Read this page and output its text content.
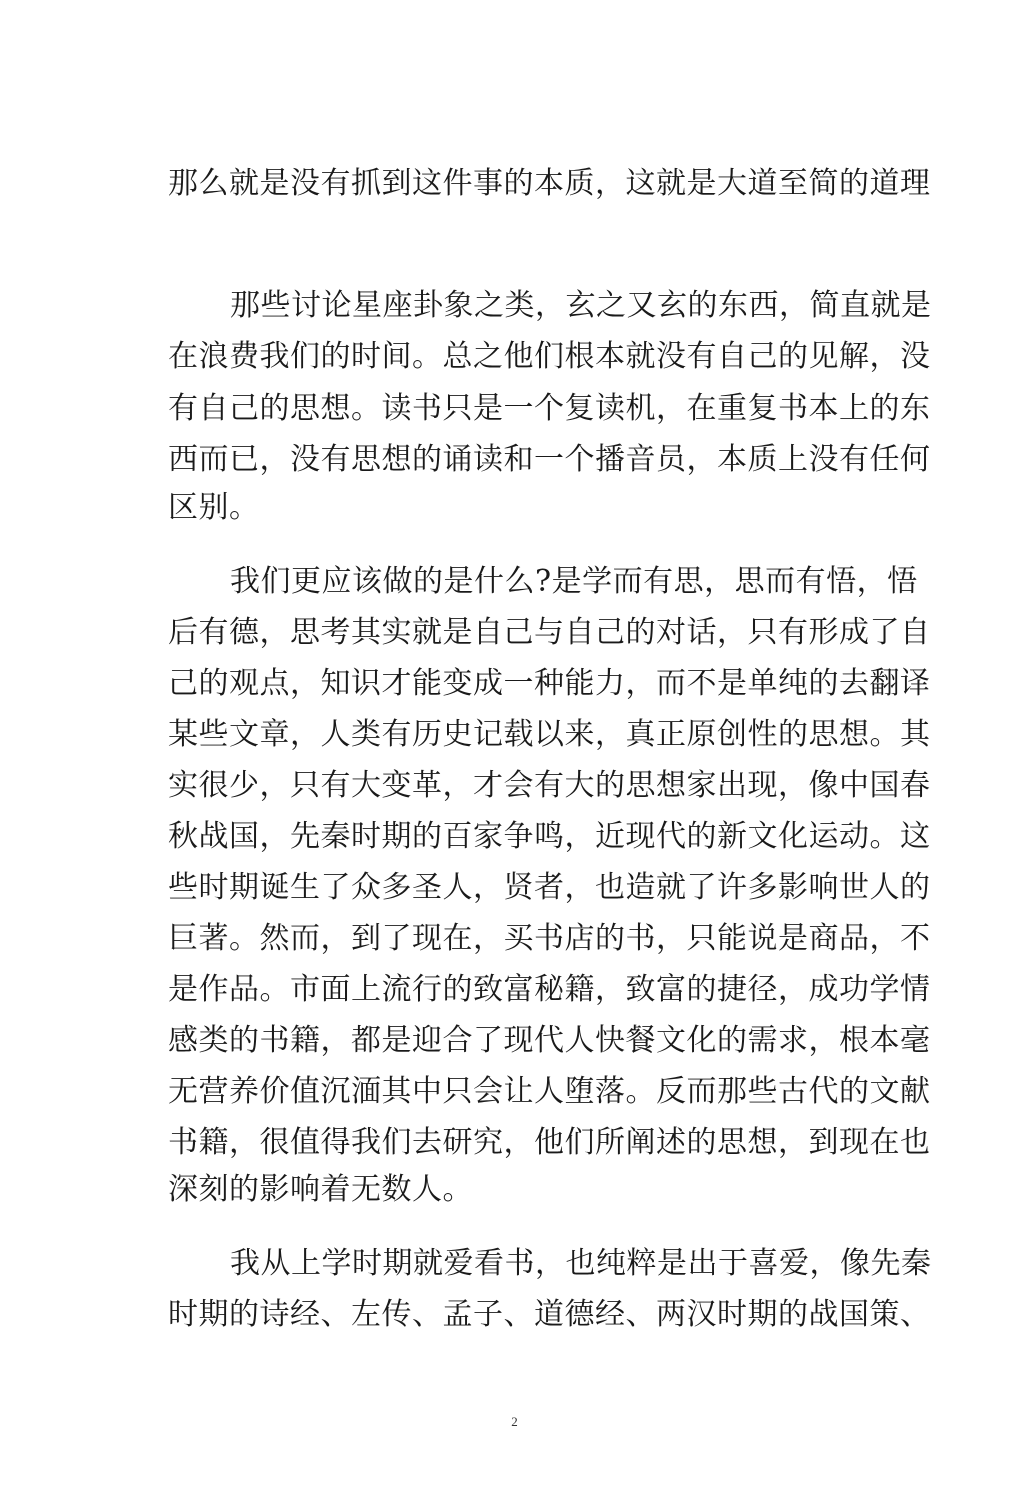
那么就是没有抓到这件事的本质，这就是大道至简的道理
那些讨论星座卦象之类，玄之又玄的东西，简直就是
在浪费我们的时间。总之他们根本就没有自己的见解，没
有自己的思想。读书只是一个复读机，在重复书本上的东
西而已，没有思想的诵读和一个播音员，本质上没有任何
区别。
我们更应该做的是什么?是学而有思，思而有悟，悟
后有德，思考其实就是自己与自己的对话，只有形成了自
己的观点，知识才能变成一种能力，而不是单纯的去翻译
某些文章，人类有历史记载以来，真正原创性的思想。其
实很少，只有大变革，才会有大的思想家出现，像中国春
秋战国，先秦时期的百家争鸣，近现代的新文化运动。这
些时期诞生了众多圣人，贤者，也造就了许多影响世人的
巨著。然而，到了现在，买书店的书，只能说是商品，不
是作品。市面上流行的致富秘籍，致富的捷径，成功学情
感类的书籍，都是迎合了现代人快餐文化的需求，根本毫
无营养价值沉湎其中只会让人堕落。反而那些古代的文献
书籍，很值得我们去研究，他们所阐述的思想，到现在也
深刻的影响着无数人。
我从上学时期就爱看书，也纯粹是出于喜爱，像先秦
时期的诗经、左传、孟子、道德经、两汉时期的战国策、
2
